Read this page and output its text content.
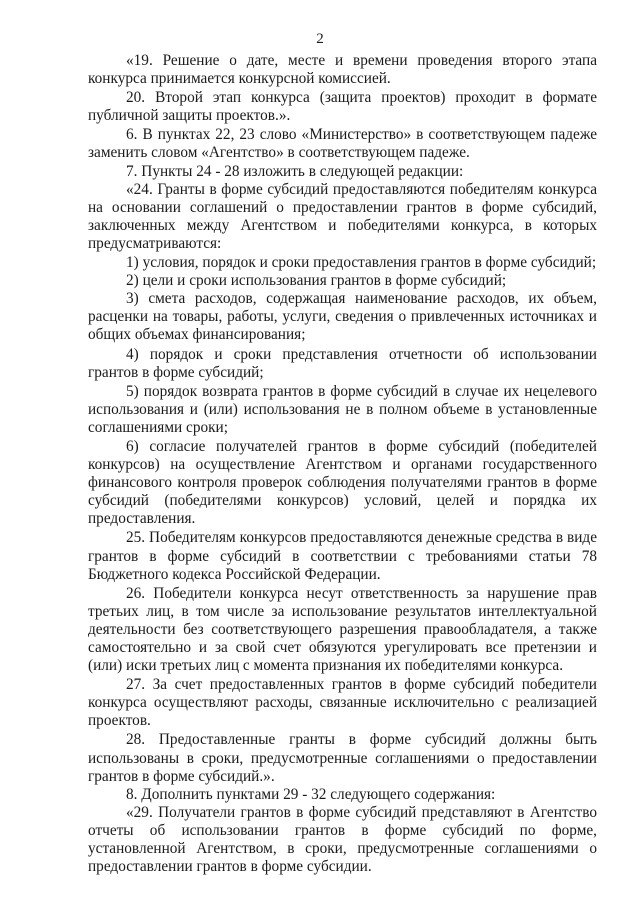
2

«19. Решение о дате, месте и времени проведения второго этапа конкурса принимается конкурсной комиссией.

20. Второй этап конкурса (защита проектов) проходит в формате публичной защиты проектов.».

6. В пунктах 22, 23 слово «Министерство» в соответствующем падеже заменить словом «Агентство» в соответствующем падеже.

7. Пункты 24 - 28 изложить в следующей редакции:

«24. Гранты в форме субсидий предоставляются победителям конкурса на основании соглашений о предоставлении грантов в форме субсидий, заключенных между Агентством и победителями конкурса, в которых предусматриваются:

1) условия, порядок и сроки предоставления грантов в форме субсидий;

2) цели и сроки использования грантов в форме субсидий;

3) смета расходов, содержащая наименование расходов, их объем, расценки на товары, работы, услуги, сведения о привлеченных источниках и общих объемах финансирования;

4) порядок и сроки представления отчетности об использовании грантов в форме субсидий;

5) порядок возврата грантов в форме субсидий в случае их нецелевого использования и (или) использования не в полном объеме в установленные соглашениями сроки;

6) согласие получателей грантов в форме субсидий (победителей конкурсов) на осуществление Агентством и органами государственного финансового контроля проверок соблюдения получателями грантов в форме субсидий (победителями конкурсов) условий, целей и порядка их предоставления.

25. Победителям конкурсов предоставляются денежные средства в виде грантов в форме субсидий в соответствии с требованиями статьи 78 Бюджетного кодекса Российской Федерации.

26. Победители конкурса несут ответственность за нарушение прав третьих лиц, в том числе за использование результатов интеллектуальной деятельности без соответствующего разрешения правообладателя, а также самостоятельно и за свой счет обязуются урегулировать все претензии и (или) иски третьих лиц с момента признания их победителями конкурса.

27. За счет предоставленных грантов в форме субсидий победители конкурса осуществляют расходы, связанные исключительно с реализацией проектов.

28. Предоставленные гранты в форме субсидий должны быть использованы в сроки, предусмотренные соглашениями о предоставлении грантов в форме субсидий.».

8. Дополнить пунктами 29 - 32 следующего содержания:

«29. Получатели грантов в форме субсидий представляют в Агентство отчеты об использовании грантов в форме субсидий по форме, установленной Агентством, в сроки, предусмотренные соглашениями о предоставлении грантов в форме субсидии.
